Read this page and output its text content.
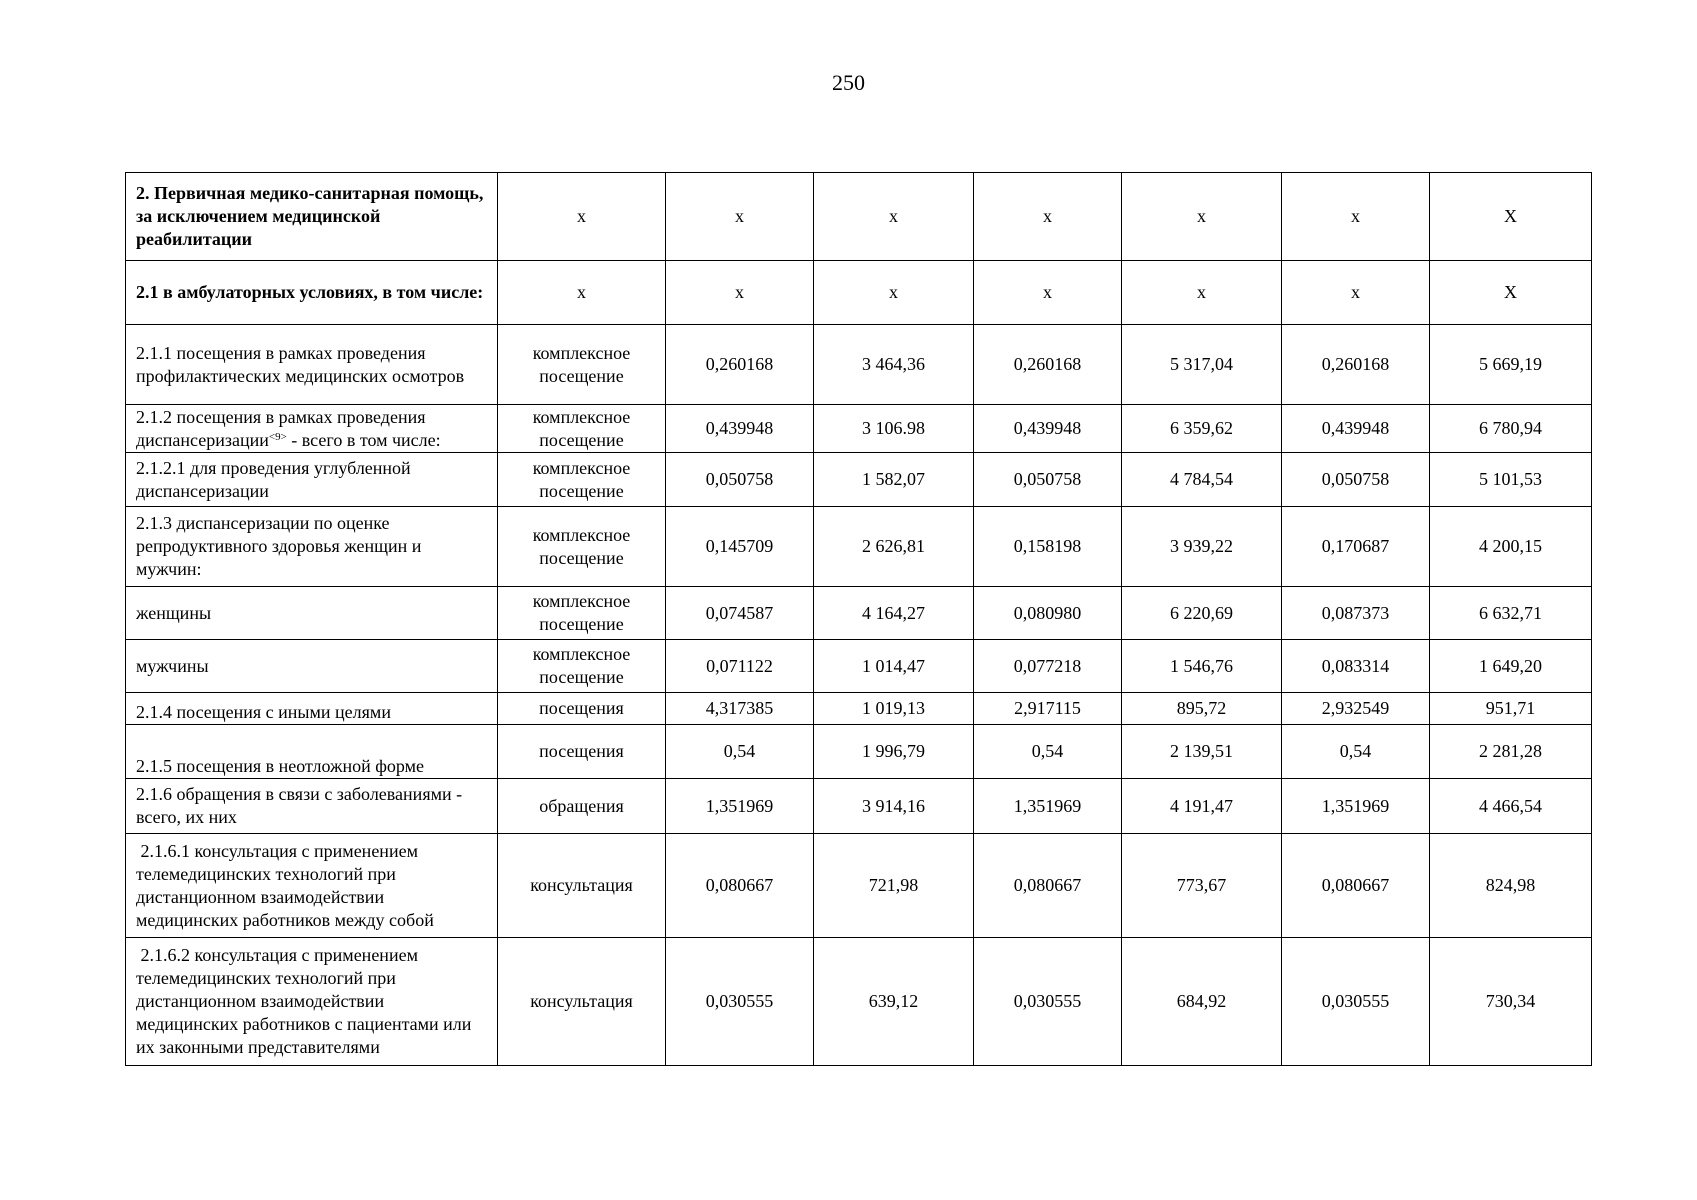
250
2. Первичная медико-санитарная помощь, за исключением медицинской реабилитации	х	х	х	х	х	х	Х
2.1 в амбулаторных условиях, в том числе:	х	х	х	х	х	х	Х
2.1.1 посещения в рамках проведения профилактических медицинских осмотров	комплексное посещение	0,260168	3 464,36	0,260168	5 317,04	0,260168	5 669,19
2.1.2 посещения в рамках проведения диспансеризации$^{<9>}$ - всего в том числе:	комплексное посещение	0,439948	3 106.98	0,439948	6 359,62	0,439948	6 780,94
2.1.2.1 для проведения углубленной диспансеризации	комплексное посещение	0,050758	1 582,07	0,050758	4 784,54	0,050758	5 101,53
2.1.3 диспансеризации по оценке репродуктивного здоровья женщин и мужчин:	комплексное посещение	0,145709	2 626,81	0,158198	3 939,22	0,170687	4 200,15
женщины	комплексное посещение	0,074587	4 164,27	0,080980	6 220,69	0,087373	6 632,71
мужчины	комплексное посещение	0,071122	1 014,47	0,077218	1 546,76	0,083314	1 649,20
2.1.4 посещения с иными целями	посещения	4,317385	1 019,13	2,917115	895,72	2,932549	951,71
2.1.5 посещения в неотложной форме	посещения	0,54	1 996,79	0,54	2 139,51	0,54	2 281,28
2.1.6 обращения в связи с заболеваниями - всего, их них	обращения	1,351969	3 914,16	1,351969	4 191,47	1,351969	4 466,54
2.1.6.1 консультация с применением телемедицинских технологий при дистанционном взаимодействии медицинских работников между собой	консультация	0,080667	721,98	0,080667	773,67	0,080667	824,98
2.1.6.2 консультация с применением телемедицинских технологий при дистанционном взаимодействии медицинских работников с пациентами или их законными представителями	консультация	0,030555	639,12	0,030555	684,92	0,030555	730,34
